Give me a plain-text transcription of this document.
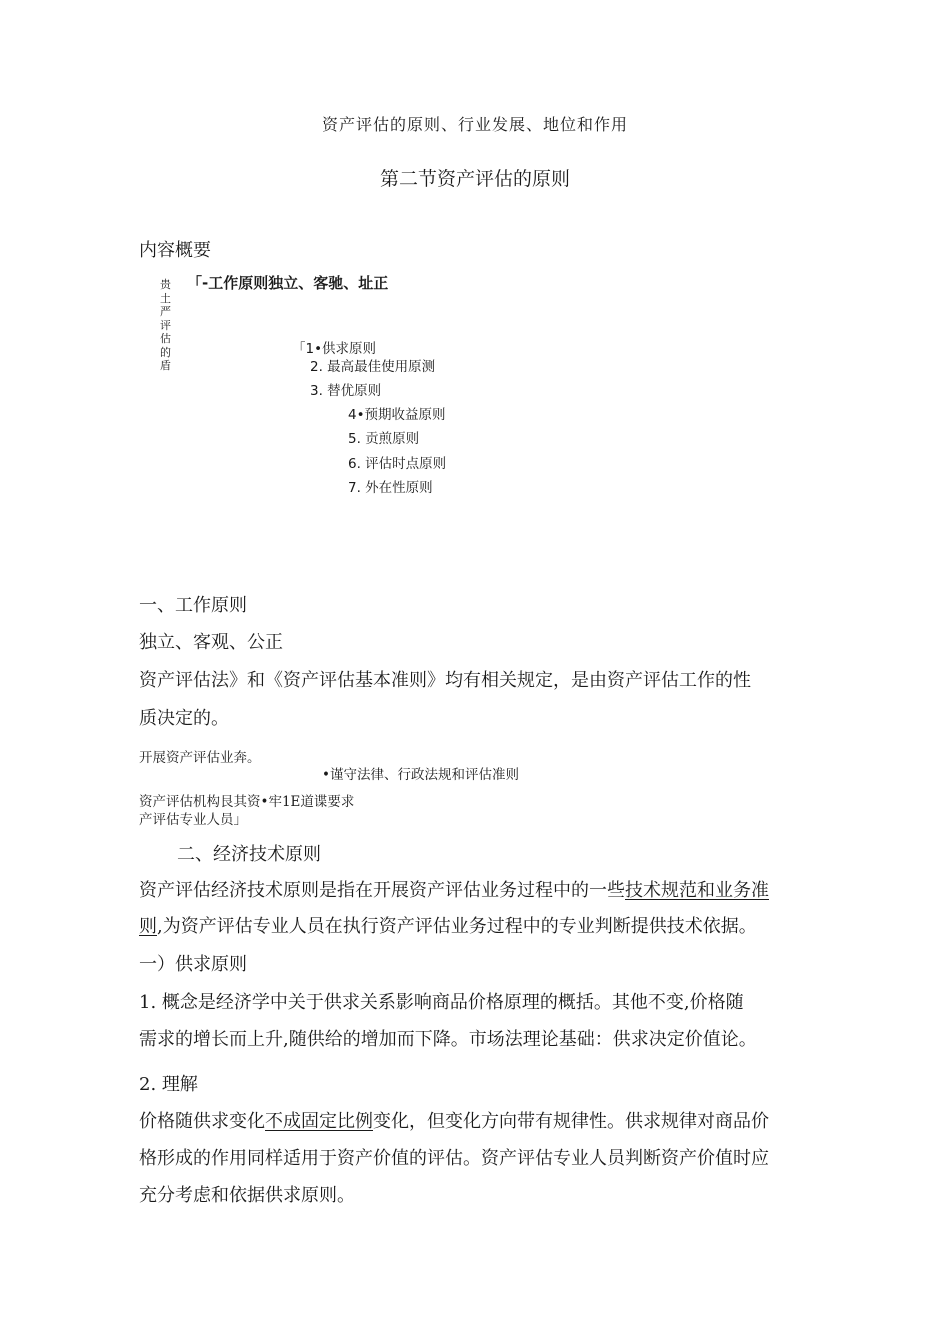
资产评估的原则、行业发展、地位和作用
第二节资产评估的原则
内容概要
贵土严评估的盾
「-工作原则独立、客驰、址正
「1•供求原则
2. 最高最佳使用原测
3. 替优原则
4•预期收益原则
5. 贡煎原则
6. 评估时点原则
7. 外在性原则
一、工作原则
独立、客观、公正
资产评估法》和《资产评估基本准则》均有相关规定，是由资产评估工作的性
质决定的。
开展资产评估业奔。
•谨守法律、行政法规和评估准则
资产评估机构艮其资•牢1E道谍要求
产评估专业人员」
二、经济技术原则
资产评估经济技术原则是指在开展资产评估业务过程中的一些技术规范和业务准
则,为资产评估专业人员在执行资产评估业务过程中的专业判断提供技术依据。
一）供求原则
1. 概念是经济学中关于供求关系影响商品价格原理的概括。其他不变,价格随
需求的增长而上升,随供给的增加而下降。市场法理论基础：供求决定价值论。
2. 理解
价格随供求变化不成固定比例变化，但变化方向带有规律性。供求规律对商品价
格形成的作用同样适用于资产价值的评估。资产评估专业人员判断资产价值时应
充分考虑和依据供求原则。
